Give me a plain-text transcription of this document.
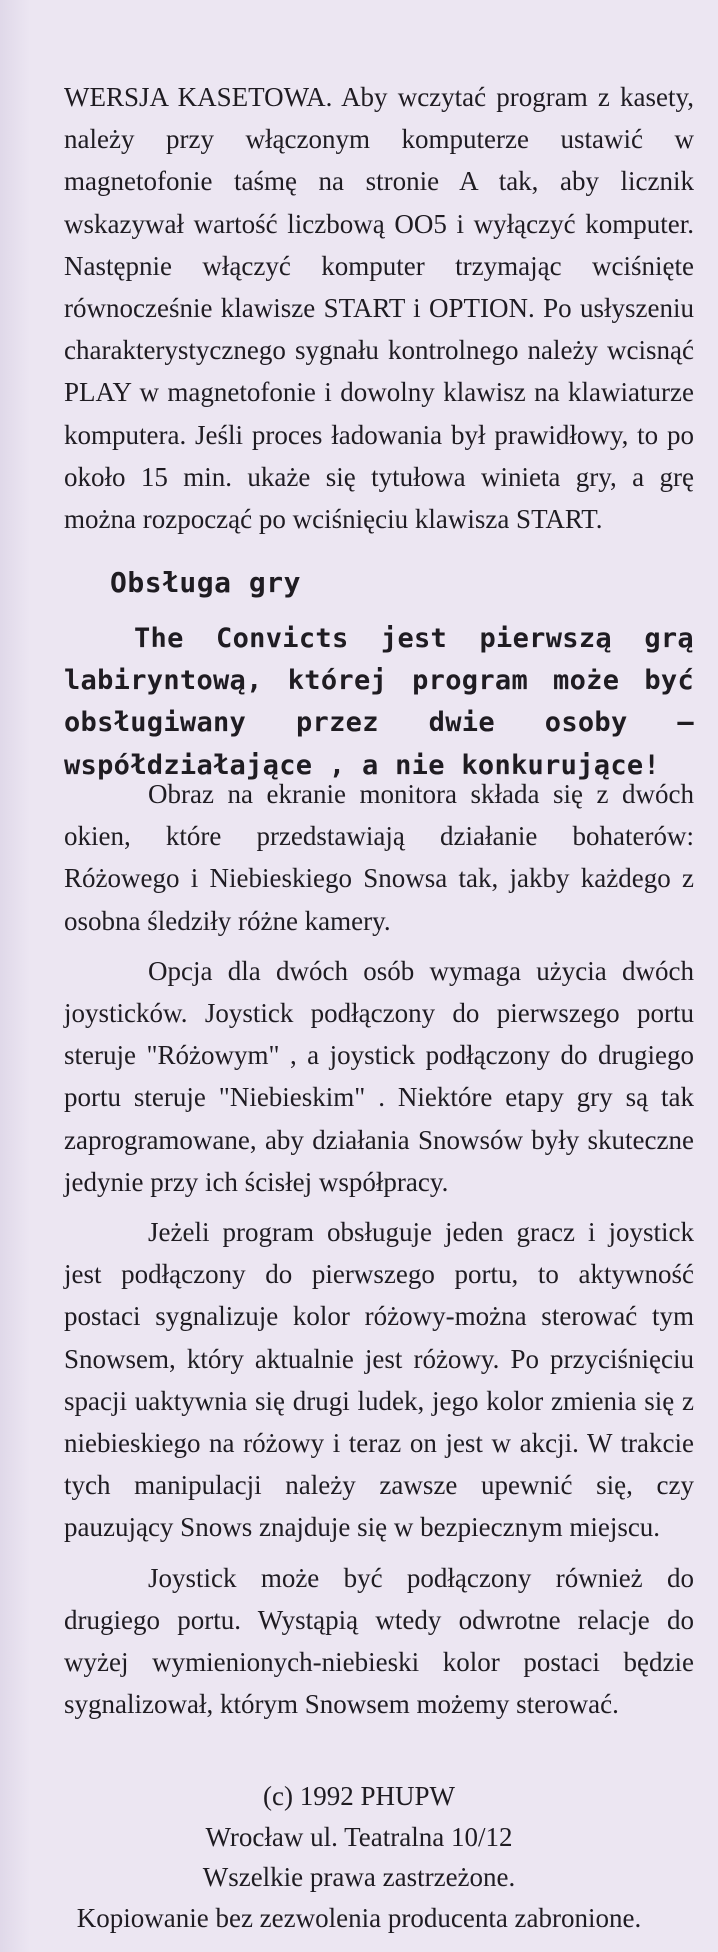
WERSJA KASETOWA. Aby wczytać program z kasety, należy przy włączonym komputerze ustawić w magnetofonie taśmę na stronie A tak, aby licznik wskazywał wartość liczbową OO5 i wyłączyć komputer. Następnie włączyć komputer trzymając wciśnięte równocześnie klawisze START i OPTION. Po usłyszeniu charakterystycznego sygnału kontrolnego należy wcisnąć PLAY w magnetofonie i dowolny klawisz na klawiaturze komputera. Jeśli proces ładowania był prawidłowy, to po około 15 min. ukaże się tytułowa winieta gry, a grę można rozpocząć po wciśnięciu klawisza START.

Obsługa gry

The Convicts jest pierwszą grą labiryntową, której program może być obsługiwany przez dwie osoby – współdziałające , a nie konkurujące!

Obraz na ekranie monitora składa się z dwóch okien, które przedstawiają działanie bohaterów: Różowego i Niebieskiego Snowsa tak, jakby każdego z osobna śledziły różne kamery.

Opcja dla dwóch osób wymaga użycia dwóch joysticków. Joystick podłączony do pierwszego portu steruje "Różowym" , a joystick podłączony do drugiego portu steruje "Niebieskim" . Niektóre etapy gry są tak zaprogramowane, aby działania Snowsów były skuteczne jedynie przy ich ścisłej współpracy.

Jeżeli program obsługuje jeden gracz i joystick jest podłączony do pierwszego portu, to aktywność postaci sygnalizuje kolor różowy-można sterować tym Snowsem, który aktualnie jest różowy. Po przyciśnięciu spacji uaktywnia się drugi ludek, jego kolor zmienia się z niebieskiego na różowy i teraz on jest w akcji. W trakcie tych manipulacji należy zawsze upewnić się, czy pauzujący Snows znajduje się w bezpiecznym miejscu.

Joystick może być podłączony również do drugiego portu. Wystąpią wtedy odwrotne relacje do wyżej wymienionych-niebieski kolor postaci będzie sygnalizował, którym Snowsem możemy sterować.

(c) 1992 PHUPW
Wrocław ul. Teatralna 10/12
Wszelkie prawa zastrzeżone.
Kopiowanie bez zezwolenia producenta zabronione.
